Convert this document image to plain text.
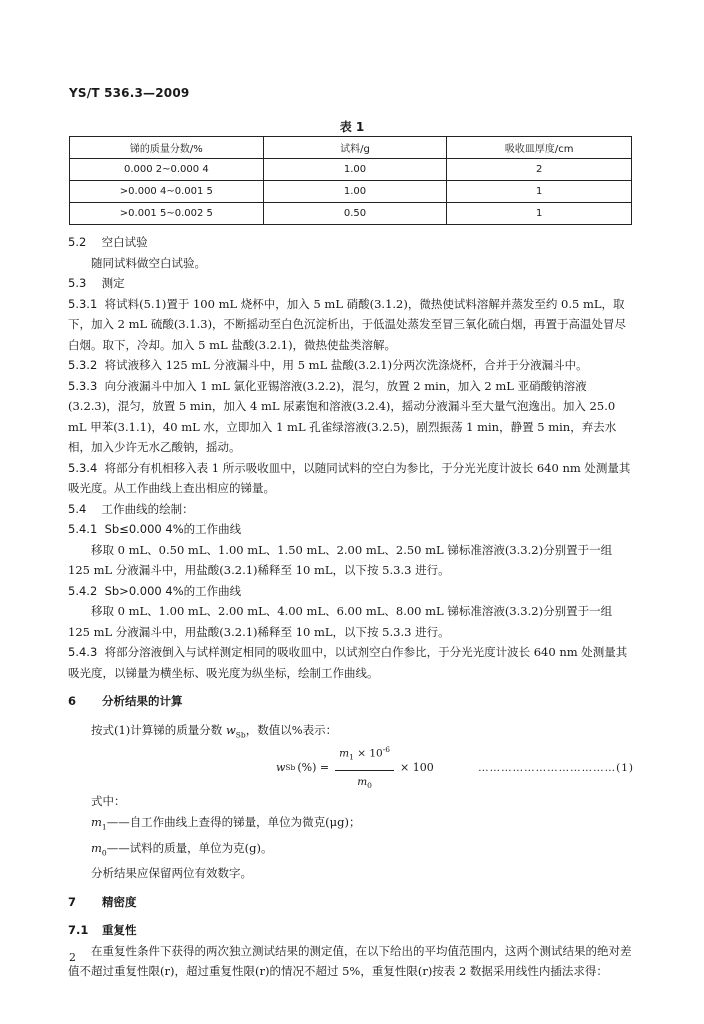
YS/T 536.3—2009
表 1
锑的质量分数/%	试料/g	吸收皿厚度/cm
0.000 2~0.000 4	1.00	2
>0.000 4~0.001 5	1.00	1
>0.001 5~0.002 5	0.50	1

5.2 空白试验

随同试料做空白试验。

5.3 测定

5.3.1 将试料(5.1)置于 100 mL 烧杯中，加入 5 mL 硝酸(3.1.2)，微热使试料溶解并蒸发至约 0.5 mL，取下，加入 2 mL 硫酸(3.1.3)，不断摇动至白色沉淀析出，于低温处蒸发至冒三氧化硫白烟，再置于高温处冒尽白烟。取下，冷却。加入 5 mL 盐酸(3.2.1)，微热使盐类溶解。

5.3.2 将试液移入 125 mL 分液漏斗中，用 5 mL 盐酸(3.2.1)分两次洗涤烧杯，合并于分液漏斗中。

5.3.3 向分液漏斗中加入 1 mL 氯化亚锡溶液(3.2.2)，混匀，放置 2 min，加入 2 mL 亚硝酸钠溶液(3.2.3)，混匀，放置 5 min，加入 4 mL 尿素饱和溶液(3.2.4)，摇动分液漏斗至大量气泡逸出。加入 25.0 mL 甲苯(3.1.1)，40 mL 水，立即加入 1 mL 孔雀绿溶液(3.2.5)，剧烈振荡 1 min，静置 5 min，弃去水相，加入少许无水乙酸钠，摇动。

5.3.4 将部分有机相移入表 1 所示吸收皿中，以随同试料的空白为参比，于分光光度计波长 640 nm 处测量其吸光度。从工作曲线上查出相应的锑量。

5.4 工作曲线的绘制：

5.4.1 Sb≤0.000 4%的工作曲线

移取 0 mL、0.50 mL、1.00 mL、1.50 mL、2.00 mL、2.50 mL 锑标准溶液(3.3.2)分别置于一组 125 mL 分液漏斗中，用盐酸(3.2.1)稀释至 10 mL，以下按 5.3.3 进行。

5.4.2 Sb>0.000 4%的工作曲线

移取 0 mL、1.00 mL、2.00 mL、4.00 mL、6.00 mL、8.00 mL 锑标准溶液(3.3.2)分别置于一组 125 mL 分液漏斗中，用盐酸(3.2.1)稀释至 10 mL，以下按 5.3.3 进行。

5.4.3 将部分溶液倒入与试样测定相同的吸收皿中，以试剂空白作参比，于分光光度计波长 640 nm 处测量其吸光度，以锑量为横坐标、吸光度为纵坐标，绘制工作曲线。

6 分析结果的计算

按式(1)计算锑的质量分数 $w_{Sb}$，数值以%表示：

w Sb (%) = $\frac{m_1 \times 10^{-6}}{m_0} \times 100$	………………………………(1)

式中：

$m_1——$自工作曲线上查得的锑量，单位为微克(μg)；

$m_0——$试料的质量，单位为克(g)。

分析结果应保留两位有效数字。

7 精密度

7.1 重复性

在重复性条件下获得的两次独立测试结果的测定值，在以下给出的平均值范围内，这两个测试结果的绝对差值不超过重复性限(r)，超过重复性限(r)的情况不超过 5%，重复性限(r)按表 2 数据采用线性内插法求得：

2
